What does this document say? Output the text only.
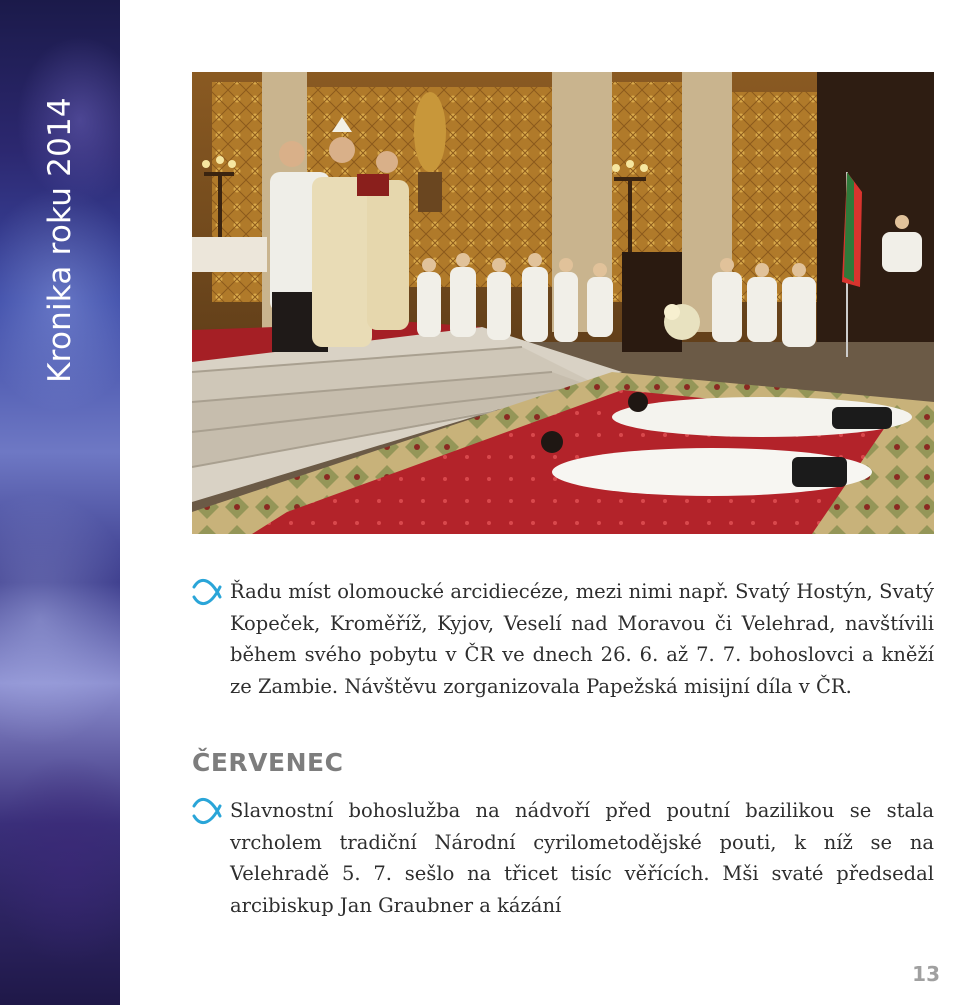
Kronika roku 2014

Řadu míst olomoucké arcidiecéze, mezi nimi např. Svatý Hostýn, Svatý Kopeček, Kroměříž, Kyjov, Veselí nad Moravou či Velehrad, navštívili během svého pobytu v ČR ve dnech 26. 6. až 7. 7. bohoslovci a kněží ze Zambie. Návštěvu zorganizovala Papežská misijní díla v ČR.

ČERVENEC

Slavnostní bohoslužba na nádvoří před poutní bazilikou se stala vrcholem tradiční Národní cyrilometodějské pouti, k níž se na Velehradě 5. 7. sešlo na třicet tisíc věřících. Mši svaté předsedal arcibiskup Jan Graubner a kázání

13
